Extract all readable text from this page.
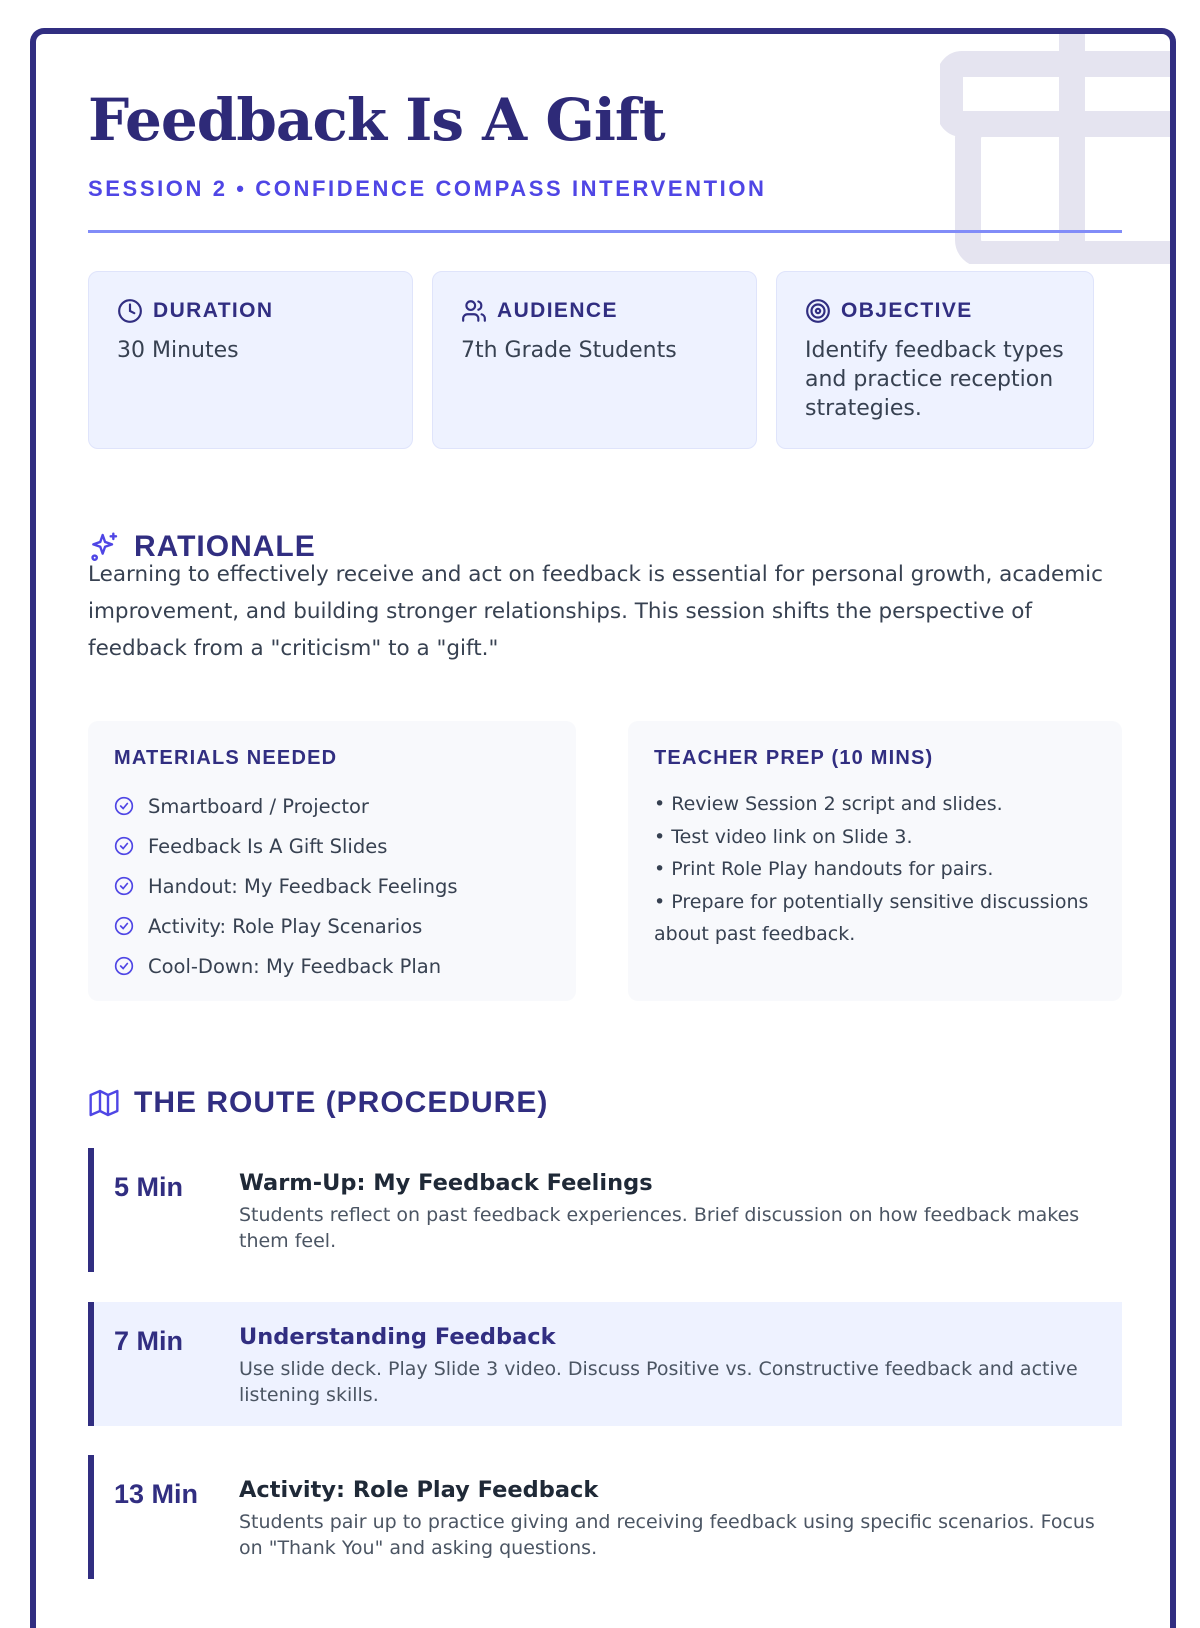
Feedback Is A Gift
SESSION 2 • CONFIDENCE COMPASS INTERVENTION
DURATION
30 Minutes
AUDIENCE
7th Grade Students
OBJECTIVE
Identify feedback types and practice reception strategies.
RATIONALE

Learning to effectively receive and act on feedback is essential for personal growth, academic improvement, and building stronger relationships. This session shifts the perspective of feedback from a "criticism" to a "gift."

MATERIALS NEEDED
Smartboard / Projector
Feedback Is A Gift Slides
Handout: My Feedback Feelings
Activity: Role Play Scenarios
Cool-Down: My Feedback Plan
TEACHER PREP (10 MINS)
• Review Session 2 script and slides.
• Test video link on Slide 3.
• Print Role Play handouts for pairs.
• Prepare for potentially sensitive discussions about past feedback.
THE ROUTE (PROCEDURE)
5 Min Warm-Up: My Feedback Feelings
Students reflect on past feedback experiences. Brief discussion on how feedback makes them feel.
7 Min Understanding Feedback
Use slide deck. Play Slide 3 video. Discuss Positive vs. Constructive feedback and active listening skills.
13 Min Activity: Role Play Feedback
Students pair up to practice giving and receiving feedback using specific scenarios. Focus on "Thank You" and asking questions.
